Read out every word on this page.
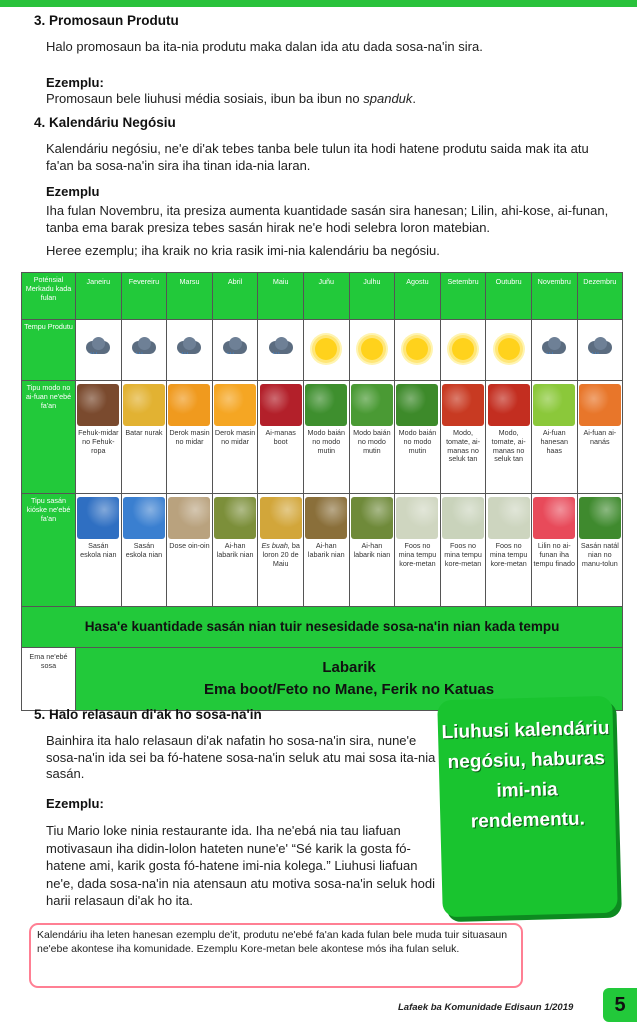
3. Promosaun Produtu

Halo promosaun ba ita-nia produtu maka dalan ida atu dada sosa-na'in sira.

Ezemplu:

Promosaun bele liuhusi média sosiais, ibun ba ibun no spanduk.

4. Kalendáriu Negósiu

Kalendáriu negósiu, ne'e di'ak tebes tanba bele tulun ita hodi hatene produtu saida mak ita atu fa'an ba sosa-na'in sira iha tinan ida-nia laran.

Ezemplu

Iha fulan Novembru, ita presiza aumenta kuantidade sasán sira hanesan; Lilin, ahi-kose, ai-funan, tanba ema barak presiza tebes sasán hirak ne'e hodi selebra loron matebian.

Heree ezemplu; iha kraik no kria rasik imi-nia kalendáriu ba negósiu.

Poténsial Merkadu kada fulan	Janeiru	Fevereiru	Marsu	Abril	Maiu	Juñu	Julhu	Agostu	Setembru	Outubru	Novembru	Dezembru
Tempu Produtu	‘‘‘	‘‘‘	‘‘‘	‘‘‘	‘‘‘						‘‘‘	‘‘‘

Tipu modo no ai-fuan ne'ebé fa'an	Fehuk-midar no Fehuk-ropa	Batar nurak	Derok masin no midar	Derok masin no midar	Ai-manas boot	Modo baián no modo mutin	Modo baián no modo mutin	Modo baián no modo mutin	Modo, tomate, ai-manas no seluk tan	Modo, tomate, ai-manas no seluk tan	Ai-fuan hanesan haas	Ai-fuan ai-nanás

Tipu sasán kióske ne'ebé fa'an	Sasán eskola nian	Sasán eskola nian	Dose oin-oin	Ai-han labarik nian	Es buah, ba loron 20 de Maiu	Ai-han labarik nian	Ai-han labarik nian	Foos no mina tempu kore-metan	Foos no mina tempu kore-metan	Foos no mina tempu kore-metan	Lilin no ai-funan iha tempu finado	Sasán natál nian no manu-tolun
Hasa'e kuantidade sasán nian tuir nesesidade sosa-na'in nian kada tempu												
Ema ne'ebé sosa	Labarik
Ema boot/Feto no Mane, Ferik no Katuas											
5. Halo relasaun di'ak ho sosa-na'in

Bainhira ita halo relasaun di'ak nafatin ho sosa-na'in sira, nune'e sosa-na'in ida sei ba fó-hatene sosa-na'in seluk atu mai sosa ita-nia sasán.

Ezemplu:

Tiu Mario loke ninia restaurante ida. Iha ne'ebá nia tau liafuan motivasaun iha didin-lolon hateten nune'e' “Sé karik la gosta fó-hatene ami, karik gosta fó-hatene imi-nia kolega.” Liuhusi liafuan ne'e, dada sosa-na'in nia atensaun atu motiva sosa-na'in seluk hodi harii relasaun di'ak ho ita.

Liuhusi kalendáriu negósiu, haburas imi-nia rendementu.
Kalendáriu iha leten hanesan ezemplu de'it, produtu ne'ebé fa'an kada fulan bele muda tuir situasaun ne'ebe akontese iha komunidade. Ezemplu Kore-metan bele akontese mós iha fulan seluk.
Lafaek ba Komunidade Edisaun 1/2019	5
